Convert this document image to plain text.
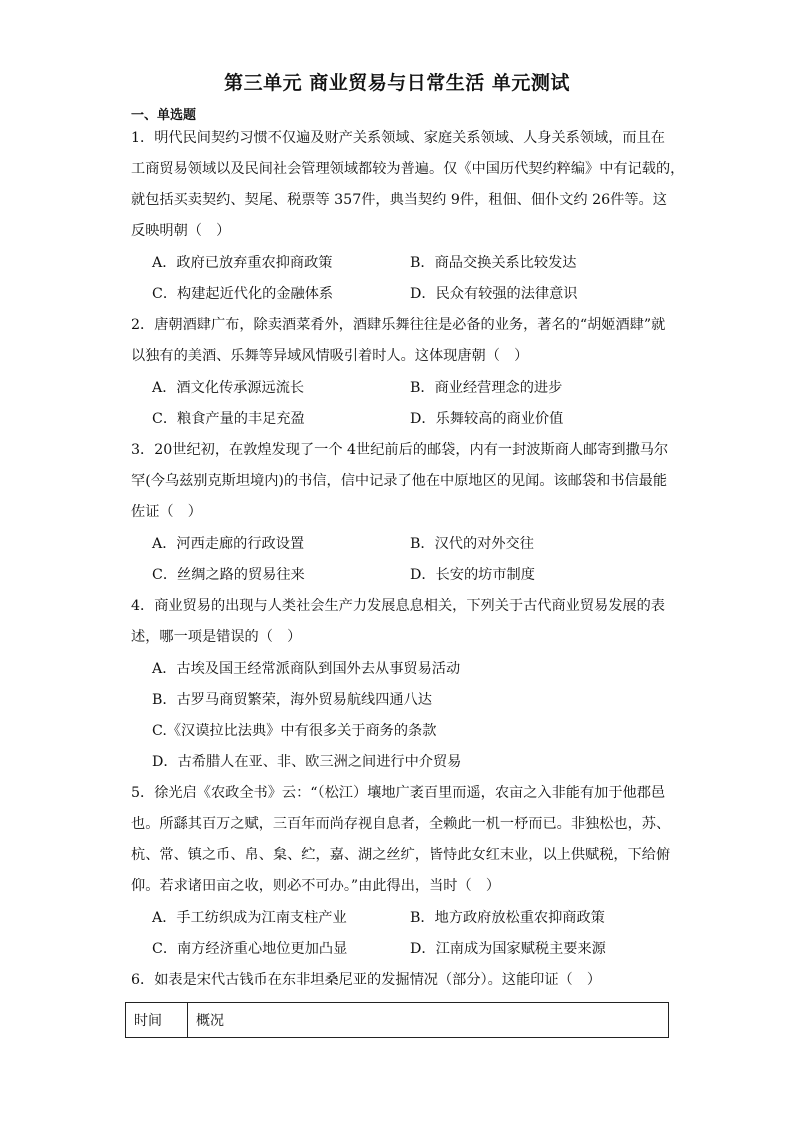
第三单元 商业贸易与日常生活 单元测试
一、单选题
1．明代民间契约习惯不仅遍及财产关系领域、家庭关系领域、人身关系领域，而且在
工商贸易领域以及民间社会管理领域都较为普遍。仅《中国历代契约粹编》中有记载的，
就包括买卖契约、契尾、税票等 357件，典当契约 9件，租佃、佃仆文约 26件等。这
反映明朝（　）
A．政府已放弃重农抑商政策	B．商品交换关系比较发达
C．构建起近代化的金融体系	D．民众有较强的法律意识
2．唐朝酒肆广布，除卖酒菜肴外，酒肆乐舞往往是必备的业务，著名的“胡姬酒肆”就
以独有的美酒、乐舞等异域风情吸引着时人。这体现唐朝（　）
A．酒文化传承源远流长	B．商业经营理念的进步
C．粮食产量的丰足充盈	D．乐舞较高的商业价值
3．20世纪初，在敦煌发现了一个 4世纪前后的邮袋，内有一封波斯商人邮寄到撒马尔
罕(今乌兹别克斯坦境内)的书信，信中记录了他在中原地区的见闻。该邮袋和书信最能
佐证（　）
A．河西走廊的行政设置	B．汉代的对外交往
C．丝绸之路的贸易往来	D．长安的坊市制度
4．商业贸易的出现与人类社会生产力发展息息相关，下列关于古代商业贸易发展的表
述，哪一项是错误的（　）
A．古埃及国王经常派商队到国外去从事贸易活动
B．古罗马商贸繁荣，海外贸易航线四通八达
C.《汉谟拉比法典》中有很多关于商务的条款
D．古希腊人在亚、非、欧三洲之间进行中介贸易
5．徐光启《农政全书》云：“（松江）壤地广袤百里而遥，农亩之入非能有加于他郡邑
也。所繇其百万之赋，三百年而尚存视自息者，全赖此一机一杼而已。非独松也，苏、
杭、常、镇之币、帛、枲、纻，嘉、湖之丝纩，皆恃此女红末业，以上供赋税，下给俯
仰。若求诸田亩之收，则必不可办。”由此得出，当时（　）
A．手工纺织成为江南支柱产业	B．地方政府放松重农抑商政策
C．南方经济重心地位更加凸显	D．江南成为国家赋税主要来源
6．如表是宋代古钱币在东非坦桑尼亚的发掘情况（部分）。这能印证（　）
时间	概况
